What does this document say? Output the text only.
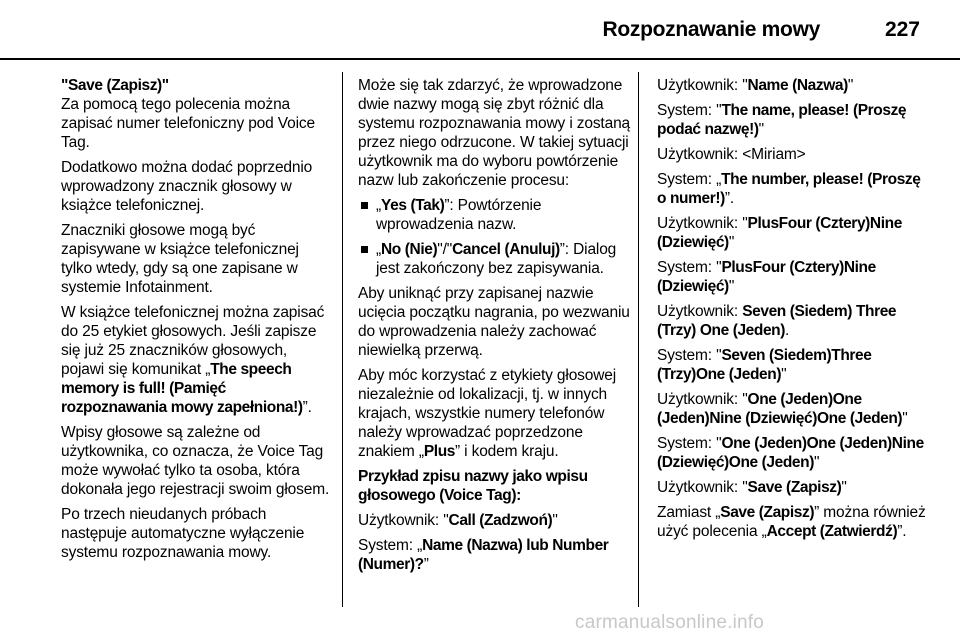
Rozpoznawanie mowy	227

"Save (Zapisz)"
Za pomocą tego polecenia można zapisać numer telefoniczny pod Voice Tag.

Dodatkowo można dodać poprzednio wprowadzony znacznik głosowy w książce telefonicznej.

Znaczniki głosowe mogą być zapisywane w książce telefonicznej tylko wtedy, gdy są one zapisane w systemie Infotainment.

W książce telefonicznej można zapisać do 25 etykiet głosowych. Jeśli zapisze się już 25 znaczników głosowych, pojawi się komunikat „The speech memory is full! (Pamięć rozpoznawania mowy zapełniona!)”.

Wpisy głosowe są zależne od użytkownika, co oznacza, że Voice Tag może wywołać tylko ta osoba, która dokonała jego rejestracji swoim głosem.

Po trzech nieudanych próbach następuje automatyczne wyłączenie systemu rozpoznawania mowy.

Może się tak zdarzyć, że wprowadzone dwie nazwy mogą się zbyt różnić dla systemu rozpoznawania mowy i zostaną przez niego odrzucone. W takiej sytuacji użytkownik ma do wyboru powtórzenie nazw lub zakończenie procesu:

„Yes (Tak)”: Powtórzenie wprowadzenia nazw.
„No (Nie)"/"Cancel (Anuluj)”: Dialog jest zakończony bez zapisywania.

Aby uniknąć przy zapisanej nazwie ucięcia początku nagrania, po wezwaniu do wprowadzenia należy zachować niewielką przerwą.

Aby móc korzystać z etykiety głosowej niezależnie od lokalizacji, tj. w innych krajach, wszystkie numery telefonów należy wprowadzać poprzedzone znakiem „Plus” i kodem kraju.

Przykład zpisu nazwy jako wpisu głosowego (Voice Tag):

Użytkownik: "Call (Zadzwoń)"

System: „Name (Nazwa) lub Number (Numer)?”

Użytkownik: "Name (Nazwa)"

System: "The name, please! (Proszę podać nazwę!)"

Użytkownik: <Miriam>

System: „The number, please! (Proszę o numer!)”.

Użytkownik: "PlusFour (Cztery)Nine (Dziewięć)"

System: "PlusFour (Cztery)Nine (Dziewięć)"

Użytkownik: Seven (Siedem) Three (Trzy) One (Jeden).

System: "Seven (Siedem)Three (Trzy)One (Jeden)"

Użytkownik: "One (Jeden)One (Jeden)Nine (Dziewięć)One (Jeden)"

System: "One (Jeden)One (Jeden)Nine (Dziewięć)One (Jeden)"

Użytkownik: "Save (Zapisz)"

Zamiast „Save (Zapisz)” można również użyć polecenia „Accept (Zatwierdź)”.

carmanualsonline.info
